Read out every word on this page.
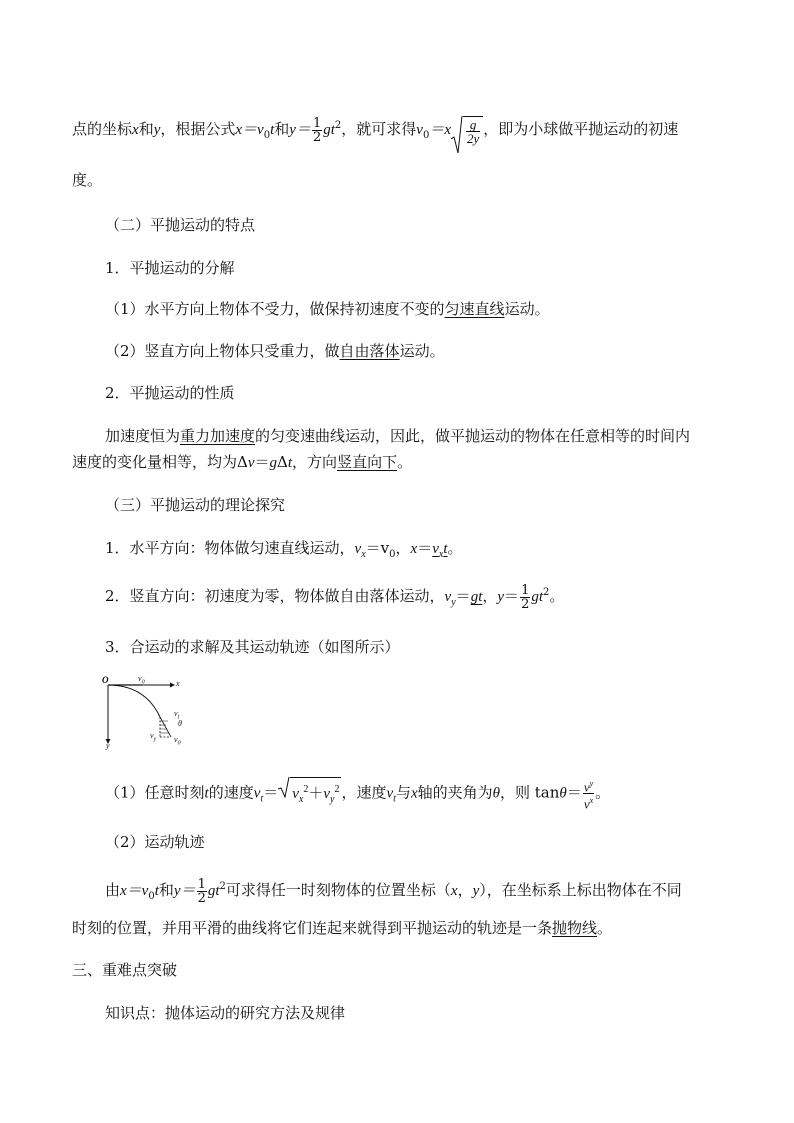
点的坐标x和y，根据公式$x=v_0t$和$y= \frac{1}{2} gt^2$，就可求得$v_0=x \frac{g}{2y}$ ，即为小球做平抛运动的初速
度。
（二）平抛运动的特点
1．平抛运动的分解
（1）水平方向上物体不受力，做保持初速度不变的匀速直线运动。
（2）竖直方向上物体只受重力，做自由落体运动。
2．平抛运动的性质
加速度恒为重力加速度的匀变速曲线运动，因此，做平抛运动的物体在任意相等的时间内
速度的变化量相等，均为Δv＝gΔt，方向竖直向下。
（三）平抛运动的理论探究
1．水平方向：物体做匀速直线运动，$v_x=v_0$，$x=v_xt$。
2．竖直方向：初速度为零，物体做自由落体运动，$v_y=gt$，$y= \frac{1}{2} gt^2$。
3．合运动的求解及其运动轨迹（如图所示）
O	$v_0$	x
y
$v_t$
θ
$v_y$ $v_0$
（1）任意时刻t的速度$v_t= v_x^2+v_y^2$ ，速度$v_t$与x轴的夹角为θ，则 $\tan\theta= \frac{v^y}{v^x}$ 。
（2）运动轨迹
由$x=v_0t$和$y= \frac{1}{2} gt^2$可求得任一时刻物体的位置坐标（x，y），在坐标系上标出物体在不同
时刻的位置，并用平滑的曲线将它们连起来就得到平抛运动的轨迹是一条抛物线。
三、重难点突破
知识点：抛体运动的研究方法及规律
